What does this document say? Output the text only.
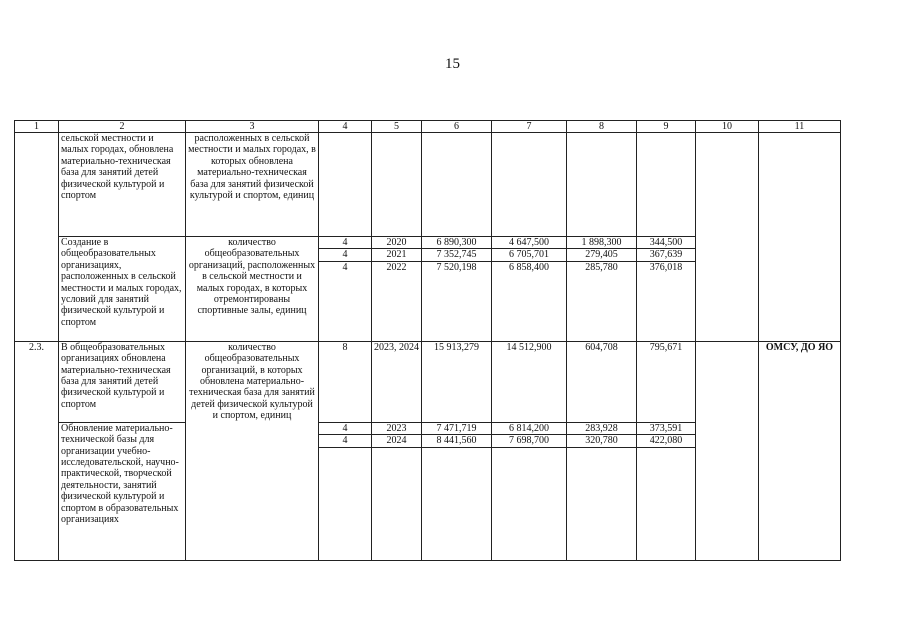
15
1	2	3	4	5	6	7	8	9	10	11
	сельской местности и малых городах, обновлена материально-техническая база для занятий детей физической культурой и спортом	расположенных в сельской местности и малых городах, в которых обновлена материально-техническая база для занятий физической культурой и спортом, единиц								
	Создание в общеобразовательных организациях, расположенных в сельской местности и малых городах, условий для занятий физической культурой и спортом	количество общеобразовательных организаций, расположенных в сельской местности и малых городах, в которых отремонтированы спортивные залы, единиц	4	2020	6 890,300	4 647,500	1 898,300	344,500		
			4	2021	7 352,745	6 705,701	279,405	367,639		
			4	2022	7 520,198	6 858,400	285,780	376,018		
2.3.	В общеобразовательных организациях обновлена материально-техническая база для занятий детей физической культурой и спортом	количество общеобразовательных организаций, в которых обновлена материально-техническая база для занятий детей физической культурой и спортом, единиц	8	2023, 2024	15 913,279	14 512,900	604,708	795,671		ОМСУ, ДО ЯО
	Обновление материально-технической базы для организации учебно-исследовательской, научно-практической, творческой деятельности, занятий физической культурой и спортом в образовательных организациях		4	2023	7 471,719	6 814,200	283,928	373,591		
			4	2024	8 441,560	7 698,700	320,780	422,080		
